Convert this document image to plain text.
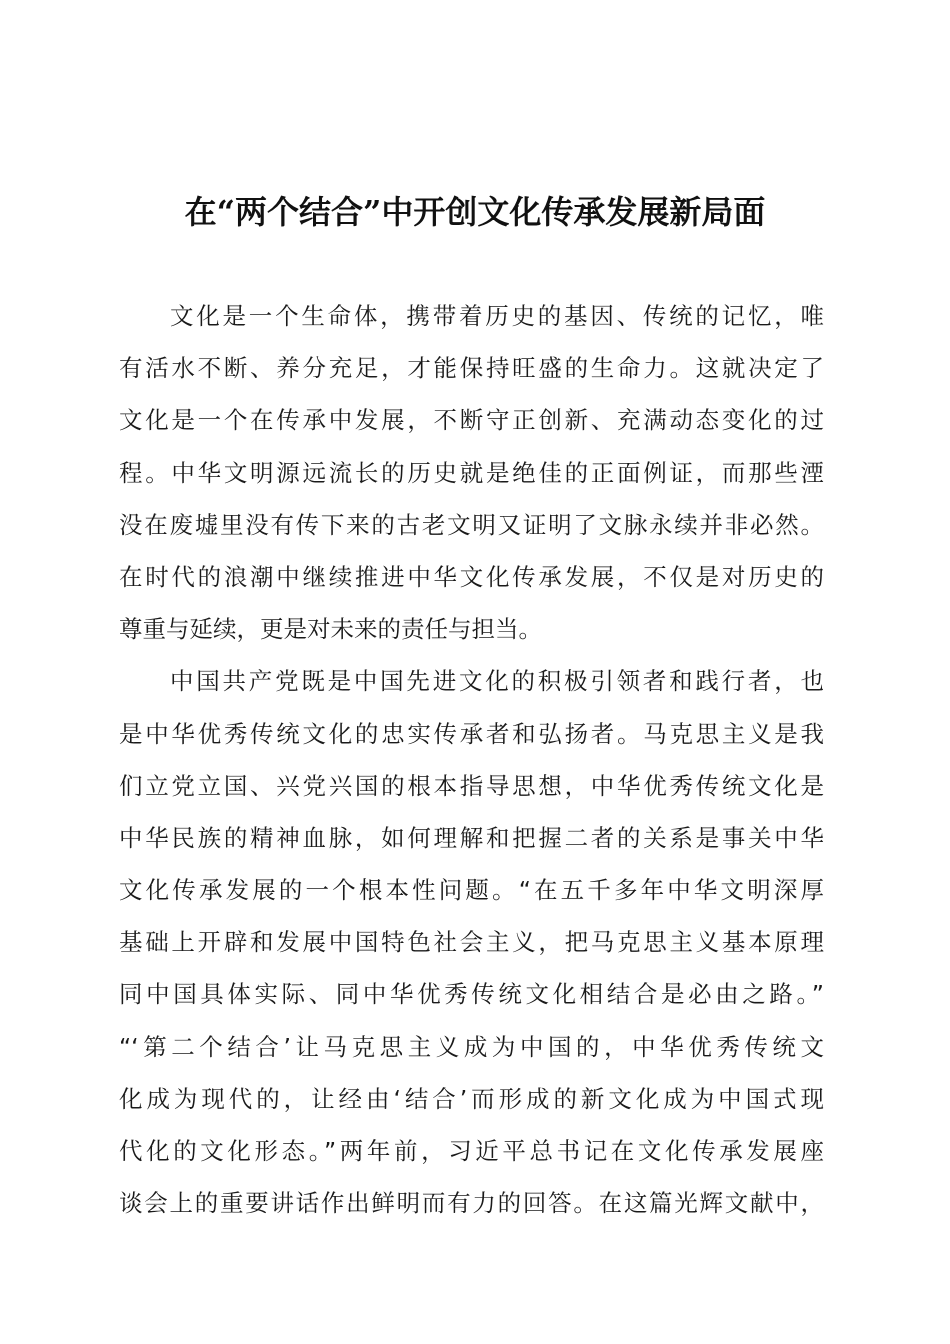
在“两个结合”中开创文化传承发展新局面
文化是一个生命体，携带着历史的基因、传统的记忆，唯
有活水不断、养分充足，才能保持旺盛的生命力。这就决定了
文化是一个在传承中发展，不断守正创新、充满动态变化的过
程。中华文明源远流长的历史就是绝佳的正面例证，而那些湮
没在废墟里没有传下来的古老文明又证明了文脉永续并非必然。
在时代的浪潮中继续推进中华文化传承发展，不仅是对历史的
尊重与延续，更是对未来的责任与担当。
中国共产党既是中国先进文化的积极引领者和践行者，也
是中华优秀传统文化的忠实传承者和弘扬者。马克思主义是我
们立党立国、兴党兴国的根本指导思想，中华优秀传统文化是
中华民族的精神血脉，如何理解和把握二者的关系是事关中华
文化传承发展的一个根本性问题。“在五千多年中华文明深厚
基础上开辟和发展中国特色社会主义，把马克思主义基本原理
同中国具体实际、同中华优秀传统文化相结合是必由之路。”
“‘第二个结合’让马克思主义成为中国的，中华优秀传统文
化成为现代的，让经由‘结合’而形成的新文化成为中国式现
代化的文化形态。”两年前，习近平总书记在文化传承发展座
谈会上的重要讲话作出鲜明而有力的回答。在这篇光辉文献中，
